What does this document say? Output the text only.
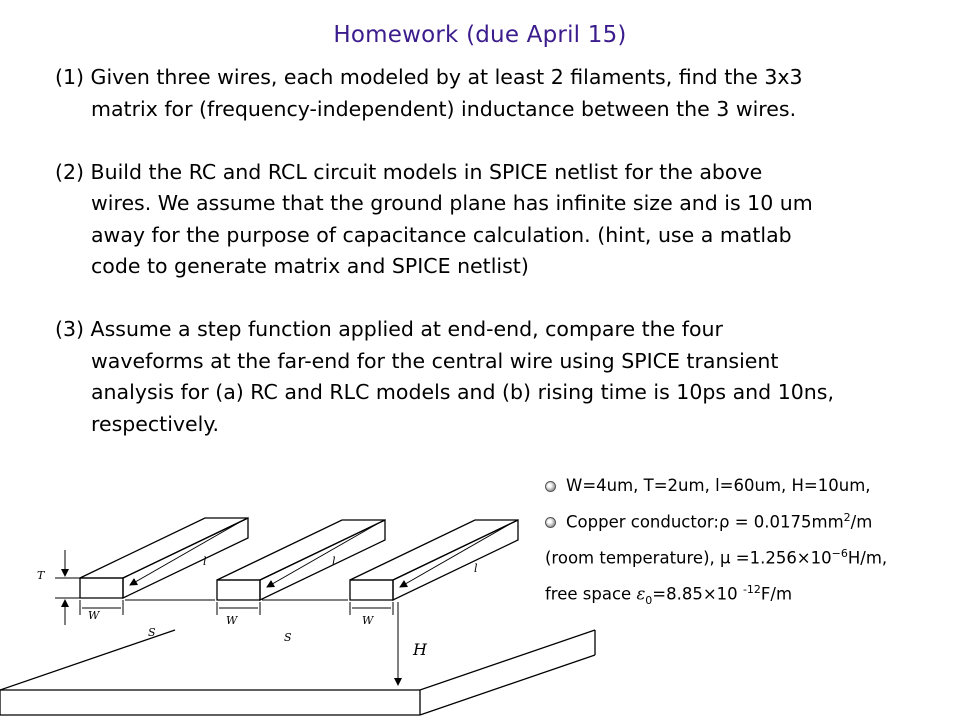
Homework (due April 15)

(1) Given three wires, each modeled by at least 2 filaments, find the 3x3

matrix for (frequency-independent) inductance between the 3 wires.

(2) Build the RC and RCL circuit models in SPICE netlist for the above

wires. We assume that the ground plane has infinite size and is 10 um

away for the purpose of capacitance calculation. (hint, use a matlab

code to generate matrix and SPICE netlist)

(3) Assume a step function applied at end-end, compare the four

waveforms at the far-end for the central wire using SPICE transient

analysis for (a) RC and RLC models and (b) rising time is 10ps and 10ns,

respectively.

W=4um, T=2um, l=60um, H=10um,
Copper conductor:ρ = $0.0175mm^2/m$
(room temperature), $\mu =1.256\times 10^{-6}H/m$,
free space $\varepsilon_0=8.85\times 10$ $^{-12}$F/m
T
W
S
W
S
W
l	l
l
H
